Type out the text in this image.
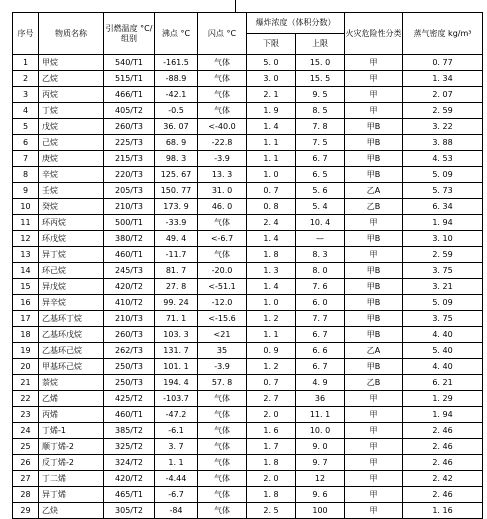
序号	物质名称	引燃温度 °C/组别	沸点 °C	闪点 °C	爆炸浓度（体积分数）		火灾危险性分类	蒸气密度 kg/m³
					下限	上限		
1	甲烷	540/T1	-161.5	气体	5. 0	15. 0	甲	0. 77
2	乙烷	515/T1	-88.9	气体	3. 0	15. 5	甲	1. 34
3	丙烷	466/T1	-42.1	气体	2. 1	9. 5	甲	2. 07
4	丁烷	405/T2	-0.5	气体	1. 9	8. 5	甲	2. 59
5	戊烷	260/T3	36. 07	<-40.0	1. 4	7. 8	甲B	3. 22
6	己烷	225/T3	68. 9	-22.8	1. 1	7. 5	甲B	3. 88
7	庚烷	215/T3	98. 3	-3.9	1. 1	6. 7	甲B	4. 53
8	辛烷	220/T3	125. 67	13. 3	1. 0	6. 5	甲B	5. 09
9	壬烷	205/T3	150. 77	31. 0	0. 7	5. 6	乙A	5. 73
10	癸烷	210/T3	173. 9	46. 0	0. 8	5. 4	乙B	6. 34
11	环丙烷	500/T1	-33.9	气体	2. 4	10. 4	甲	1. 94
12	环戊烷	380/T2	49. 4	<-6.7	1. 4	—	甲B	3. 10
13	异丁烷	460/T1	-11.7	气体	1. 8	8. 3	甲	2. 59
14	环己烷	245/T3	81. 7	-20.0	1. 3	8. 0	甲B	3. 75
15	异戊烷	420/T2	27. 8	<-51.1	1. 4	7. 6	甲B	3. 21
16	异辛烷	410/T2	99. 24	-12.0	1. 0	6. 0	甲B	5. 09
17	乙基环丁烷	210/T3	71. 1	<-15.6	1. 2	7. 7	甲B	3. 75
18	乙基环戊烷	260/T3	103. 3	<21	1. 1	6. 7	甲B	4. 40
19	乙基环己烷	262/T3	131. 7	35	0. 9	6. 6	乙A	5. 40
20	甲基环己烷	250/T3	101. 1	-3.9	1. 2	6. 7	甲B	4. 40
21	萘烷	250/T3	194. 4	57. 8	0. 7	4. 9	乙B	6. 21
22	乙烯	425/T2	-103.7	气体	2. 7	36	甲	1. 29
23	丙烯	460/T1	-47.2	气体	2. 0	11. 1	甲	1. 94
24	丁烯-1	385/T2	-6.1	气体	1. 6	10. 0	甲	2. 46
25	顺丁烯-2	325/T2	3. 7	气体	1. 7	9. 0	甲	2. 46
26	反丁烯-2	324/T2	1. 1	气体	1. 8	9. 7	甲	2. 46
27	丁二烯	420/T2	-4.44	气体	2. 0	12	甲	2. 42
28	异丁烯	465/T1	-6.7	气体	1. 8	9. 6	甲	2. 46
29	乙炔	305/T2	-84	气体	2. 5	100	甲	1. 16
